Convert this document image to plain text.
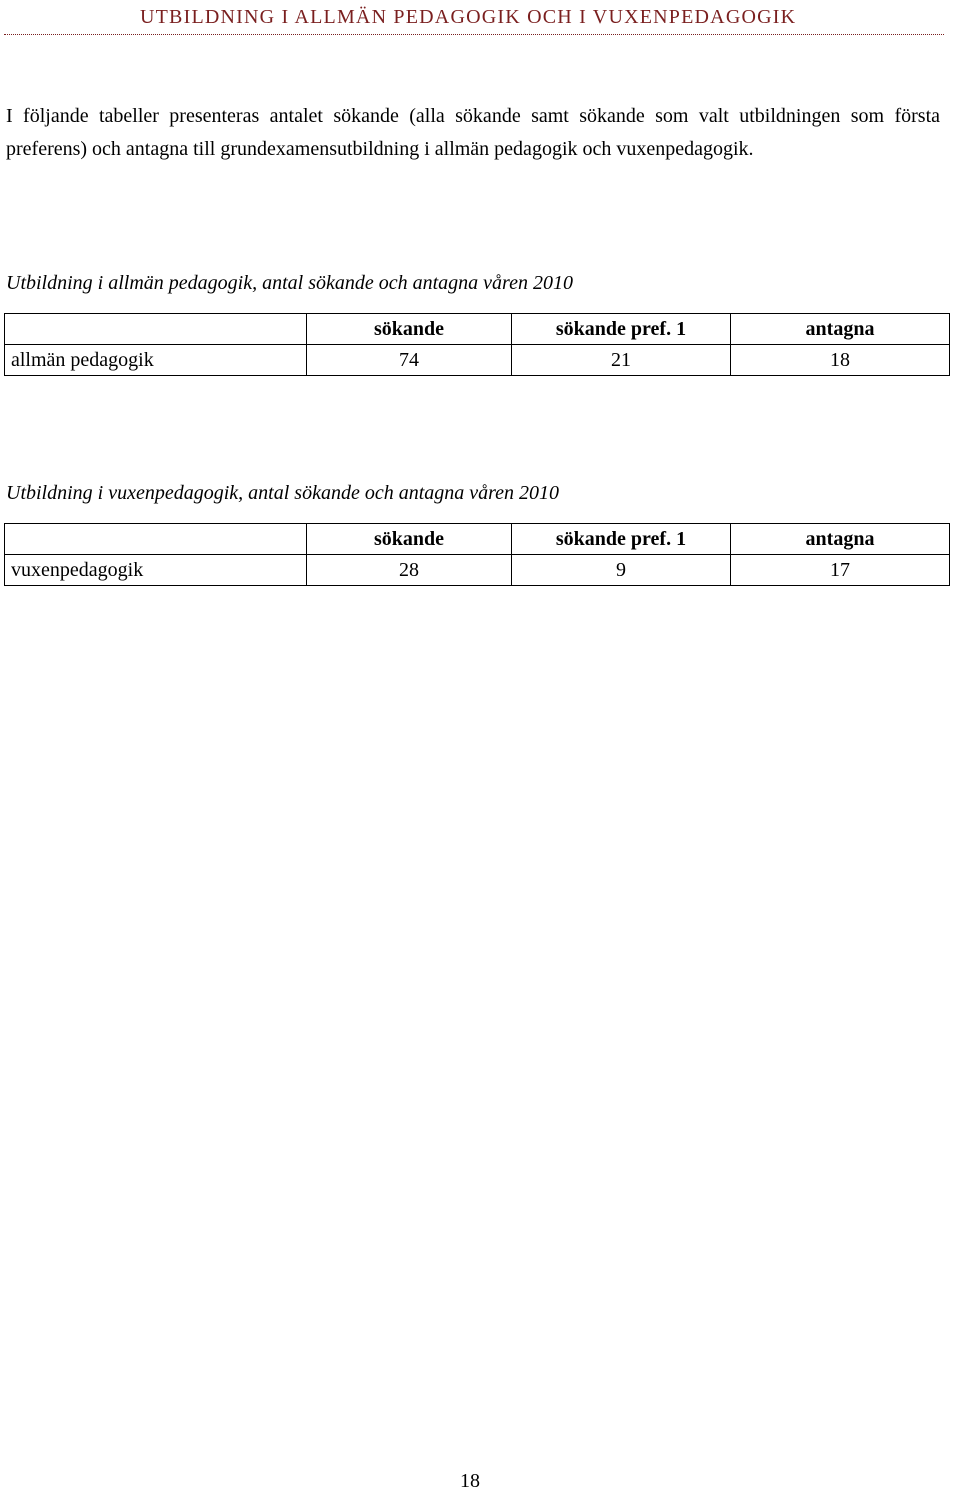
UTBILDNING I ALLMÄN PEDAGOGIK OCH I VUXENPEDAGOGIK

I följande tabeller presenteras antalet sökande (alla sökande samt sökande som valt utbildningen som första preferens) och antagna till grundexamensutbildning i allmän pedagogik och vuxenpedagogik.

Utbildning i allmän pedagogik, antal sökande och antagna våren 2010
	sökande	sökande pref. 1	antagna
allmän pedagogik	74	21	18
Utbildning i vuxenpedagogik, antal sökande och antagna våren 2010
	sökande	sökande pref. 1	antagna
vuxenpedagogik	28	9	17
18
